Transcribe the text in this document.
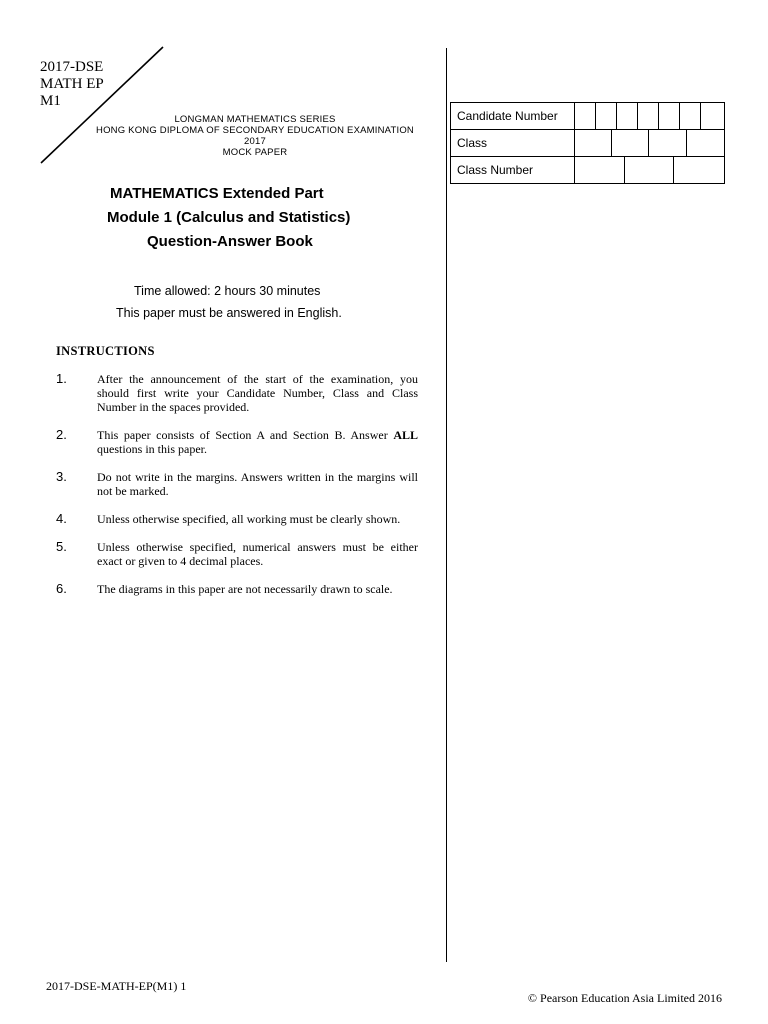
2017-DSE
MATH EP
M1
LONGMAN MATHEMATICS SERIES
HONG KONG DIPLOMA OF SECONDARY EDUCATION EXAMINATION
2017
MOCK PAPER
MATHEMATICS Extended Part
Module 1 (Calculus and Statistics)
Question-Answer Book
Time allowed: 2 hours 30 minutes
This paper must be answered in English.
INSTRUCTIONS
1.	After the announcement of the start of the examination, you should first write your Candidate Number, Class and Class Number in the spaces provided.
2.	This paper consists of Section A and Section B. Answer ALL questions in this paper.
3.	Do not write in the margins. Answers written in the margins will not be marked.
4.	Unless otherwise specified, all working must be clearly shown.
5.	Unless otherwise specified, numerical answers must be either exact or given to 4 decimal places.
6.	The diagrams in this paper are not necessarily drawn to scale.
Candidate Number	

Class	

Class Number	
2017-DSE-MATH-EP(M1) 1
© Pearson Education Asia Limited 2016
